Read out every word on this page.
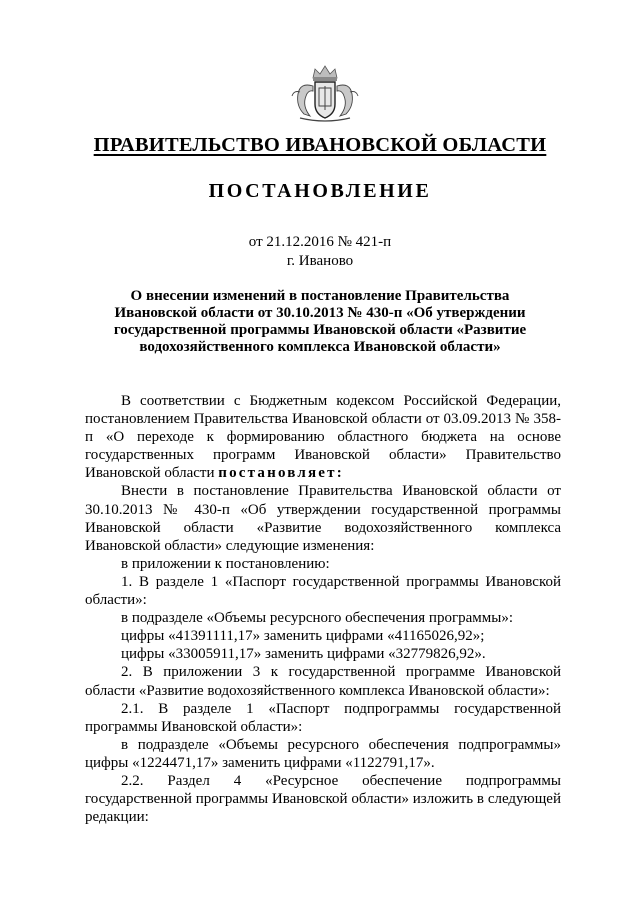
ПРАВИТЕЛЬСТВО ИВАНОВСКОЙ ОБЛАСТИ
ПОСТАНОВЛЕНИЕ
от 21.12.2016 № 421-п
г. Иваново
О внесении изменений в постановление Правительства Ивановской области от 30.10.2013 № 430-п «Об утверждении государственной программы Ивановской области «Развитие водохозяйственного комплекса Ивановской области»

В соответствии с Бюджетным кодексом Российской Федерации, постановлением Правительства Ивановской области от 03.09.2013 № 358-п «О переходе к формированию областного бюджета на основе государственных программ Ивановской области» Правительство Ивановской области постановляет:

Внести в постановление Правительства Ивановской области от 30.10.2013 № 430-п «Об утверждении государственной программы Ивановской области «Развитие водохозяйственного комплекса Ивановской области» следующие изменения:

в приложении к постановлению:

1. В разделе 1 «Паспорт государственной программы Ивановской области»:

в подразделе «Объемы ресурсного обеспечения программы»:

цифры «41391111,17» заменить цифрами «41165026,92»;

цифры «33005911,17» заменить цифрами «32779826,92».

2. В приложении 3 к государственной программе Ивановской области «Развитие водохозяйственного комплекса Ивановской области»:

2.1. В разделе 1 «Паспорт подпрограммы государственной программы Ивановской области»:

в подразделе «Объемы ресурсного обеспечения подпрограммы» цифры «1224471,17» заменить цифрами «1122791,17».

2.2. Раздел 4 «Ресурсное обеспечение подпрограммы государственной программы Ивановской области» изложить в следующей редакции:
